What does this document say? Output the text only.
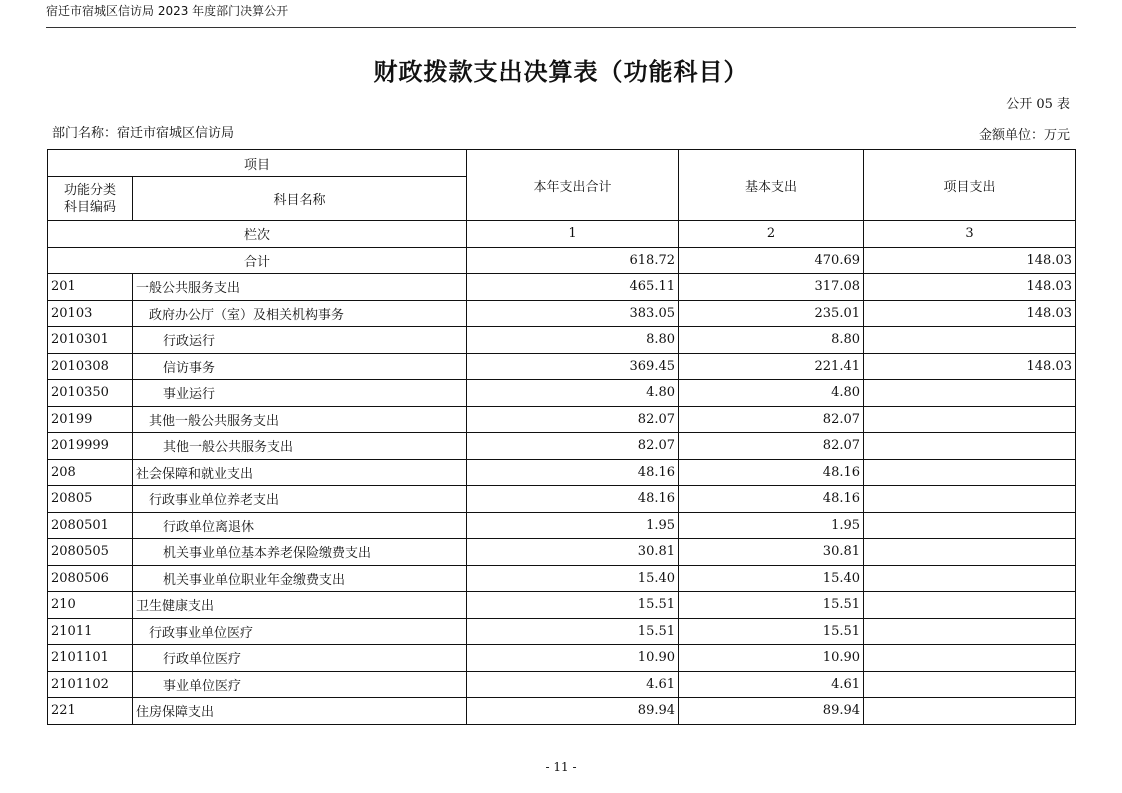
宿迁市宿城区信访局 2023 年度部门决算公开
财政拨款支出决算表（功能科目）
公开 05 表
部门名称：宿迁市宿城区信访局	金额单位：万元
项目		本年支出合计	基本支出	项目支出
功能分类
科目编码	科目名称			
栏次		1	2	3
合计		618.72	470.69	148.03
201	一般公共服务支出	465.11	317.08	148.03
20103	政府办公厅（室）及相关机构事务	383.05	235.01	148.03
2010301	行政运行	8.80	8.80	
2010308	信访事务	369.45	221.41	148.03
2010350	事业运行	4.80	4.80	
20199	其他一般公共服务支出	82.07	82.07	
2019999	其他一般公共服务支出	82.07	82.07	
208	社会保障和就业支出	48.16	48.16	
20805	行政事业单位养老支出	48.16	48.16	
2080501	行政单位离退休	1.95	1.95	
2080505	机关事业单位基本养老保险缴费支出	30.81	30.81	
2080506	机关事业单位职业年金缴费支出	15.40	15.40	
210	卫生健康支出	15.51	15.51	
21011	行政事业单位医疗	15.51	15.51	
2101101	行政单位医疗	10.90	10.90	
2101102	事业单位医疗	4.61	4.61	
221	住房保障支出	89.94	89.94	
- 11 -
